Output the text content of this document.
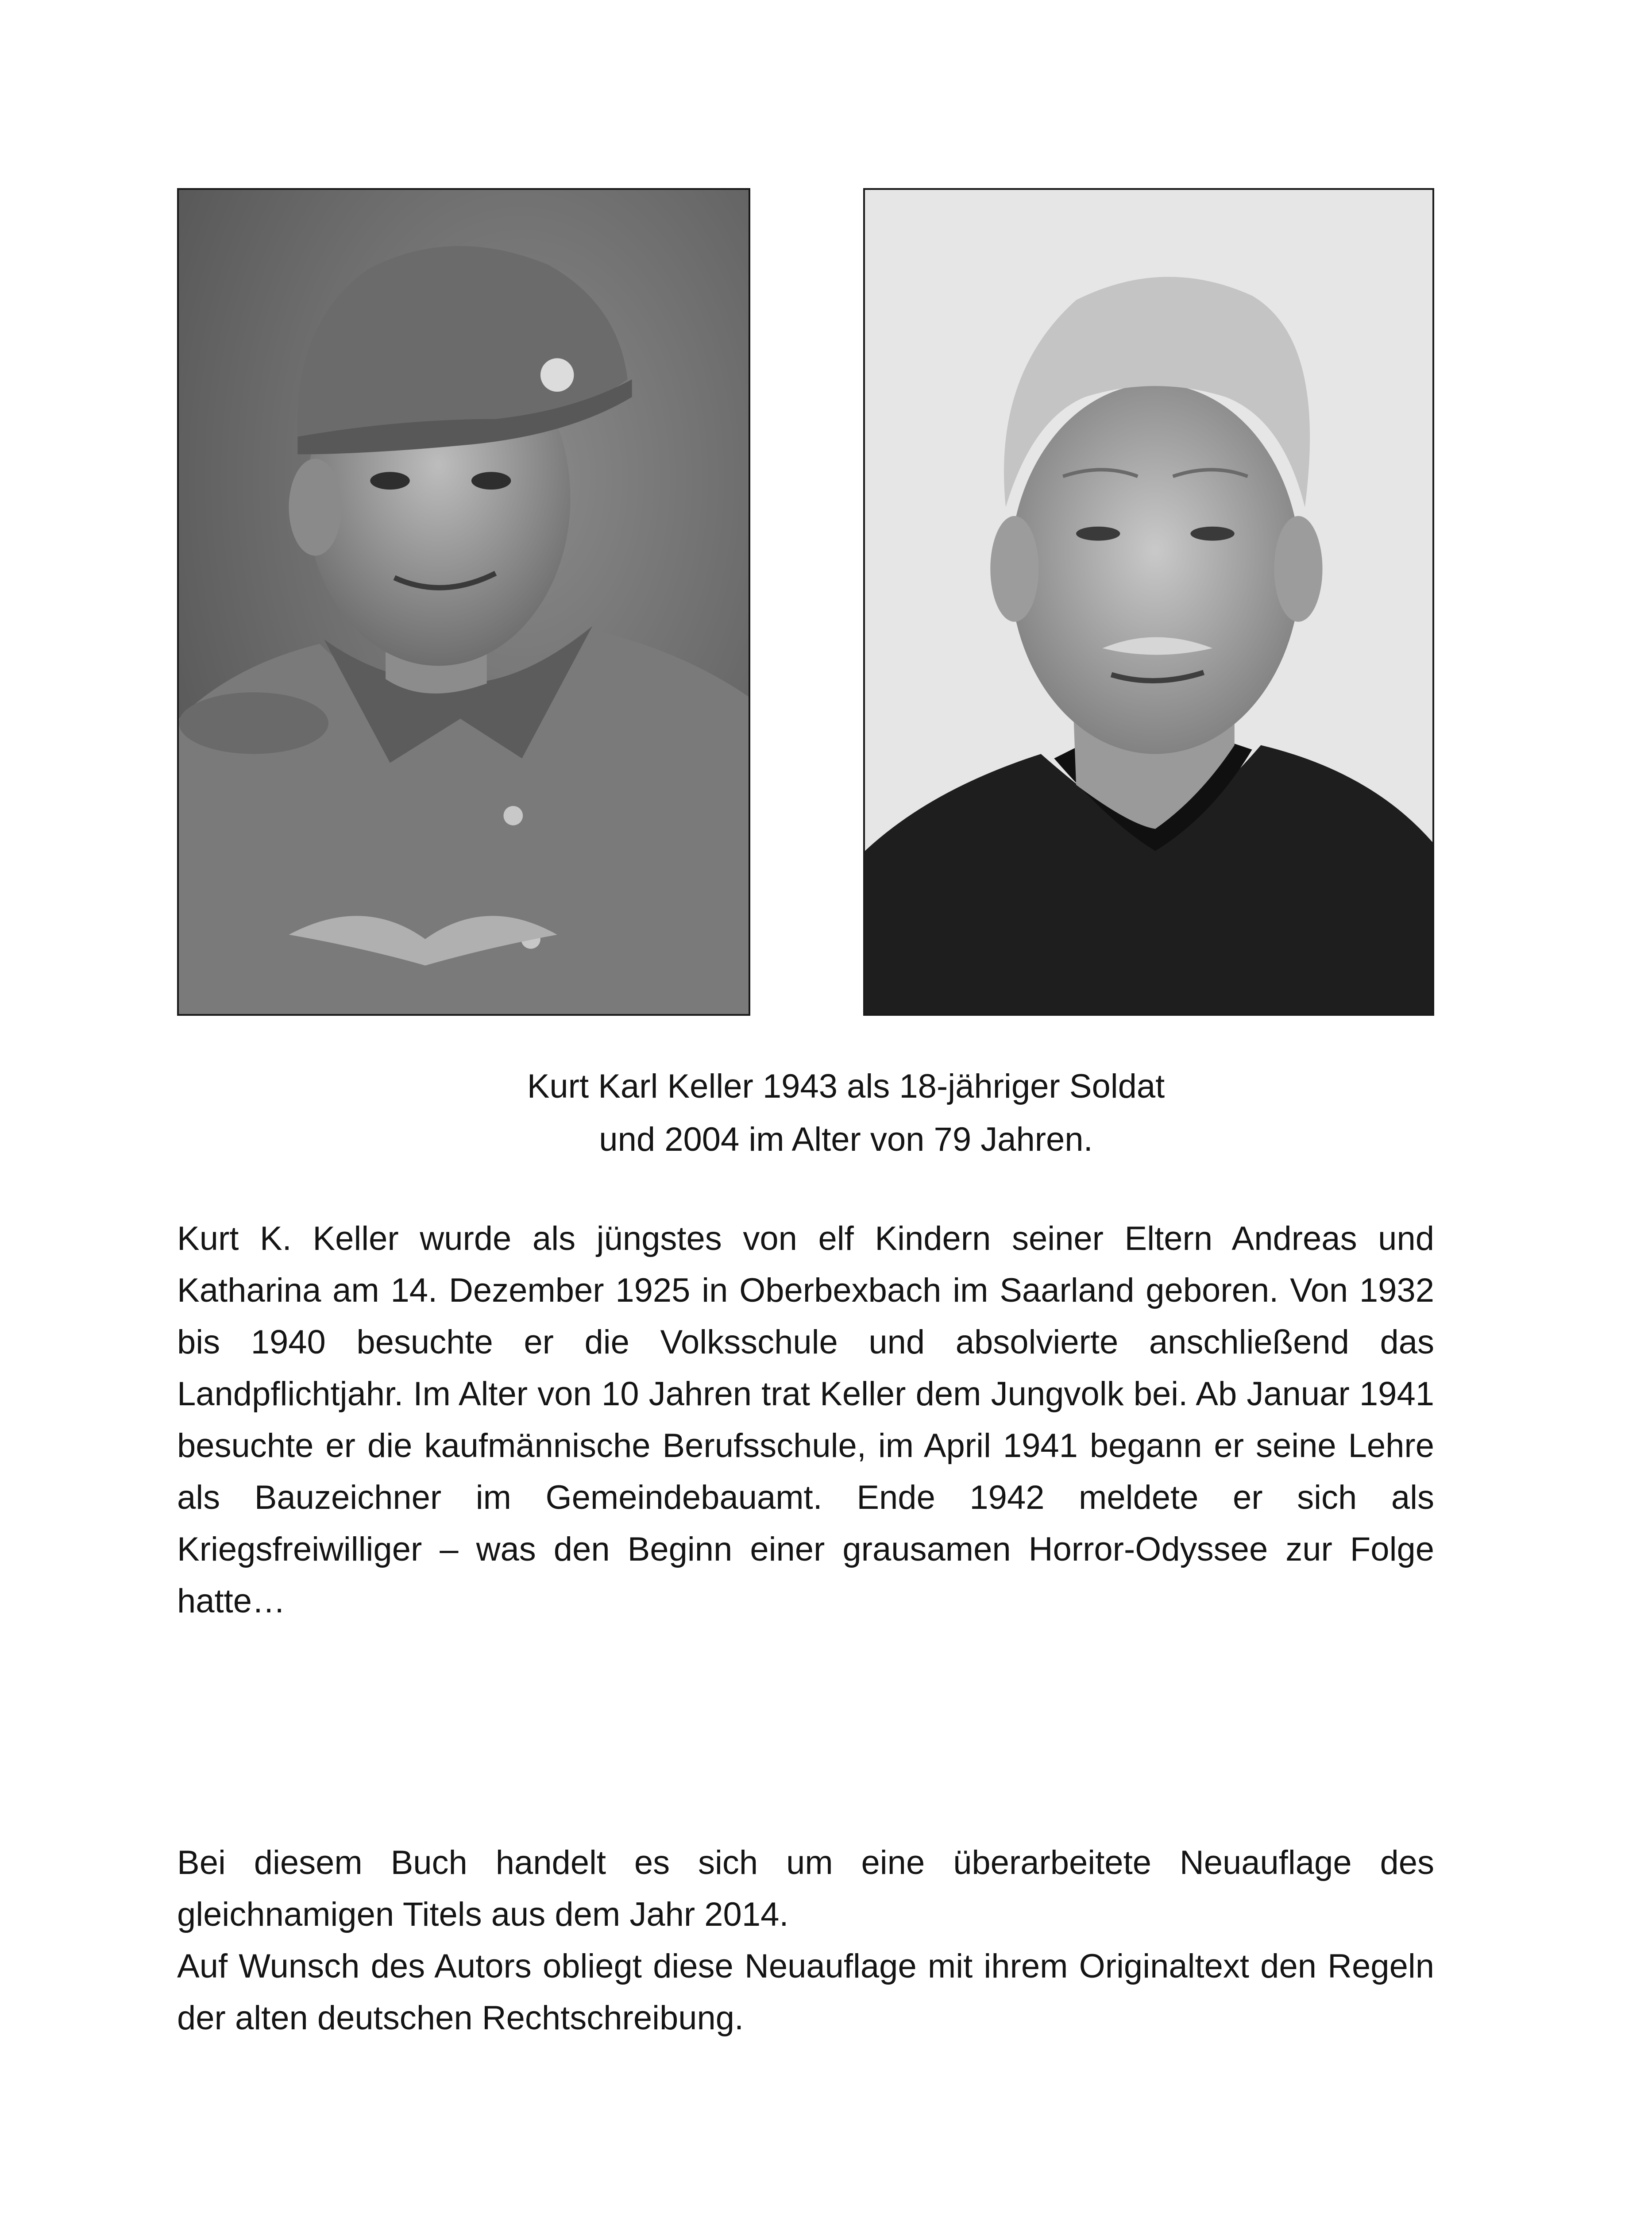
Kurt Karl Keller 1943 als 18-jähriger Soldat
und 2004 im Alter von 79 Jahren.

Kurt K. Keller wurde als jüngstes von elf Kindern seiner Eltern Andreas und Katharina am 14. Dezember 1925 in Oberbexbach im Saarland geboren. Von 1932 bis 1940 besuchte er die Volksschule und absolvierte anschließend das Landpflichtjahr. Im Alter von 10 Jahren trat Keller dem Jungvolk bei. Ab Januar 1941 besuchte er die kaufmännische Berufsschule, im April 1941 begann er seine Lehre als Bauzeichner im Gemeindebauamt. Ende 1942 meldete er sich als Kriegsfreiwilliger – was den Beginn einer grausamen Horror-Odyssee zur Folge hatte…

Bei diesem Buch handelt es sich um eine überarbeitete Neuauflage des gleichnamigen Titels aus dem Jahr 2014.
Auf Wunsch des Autors obliegt diese Neuauflage mit ihrem Originaltext den Regeln der alten deutschen Rechtschreibung.
